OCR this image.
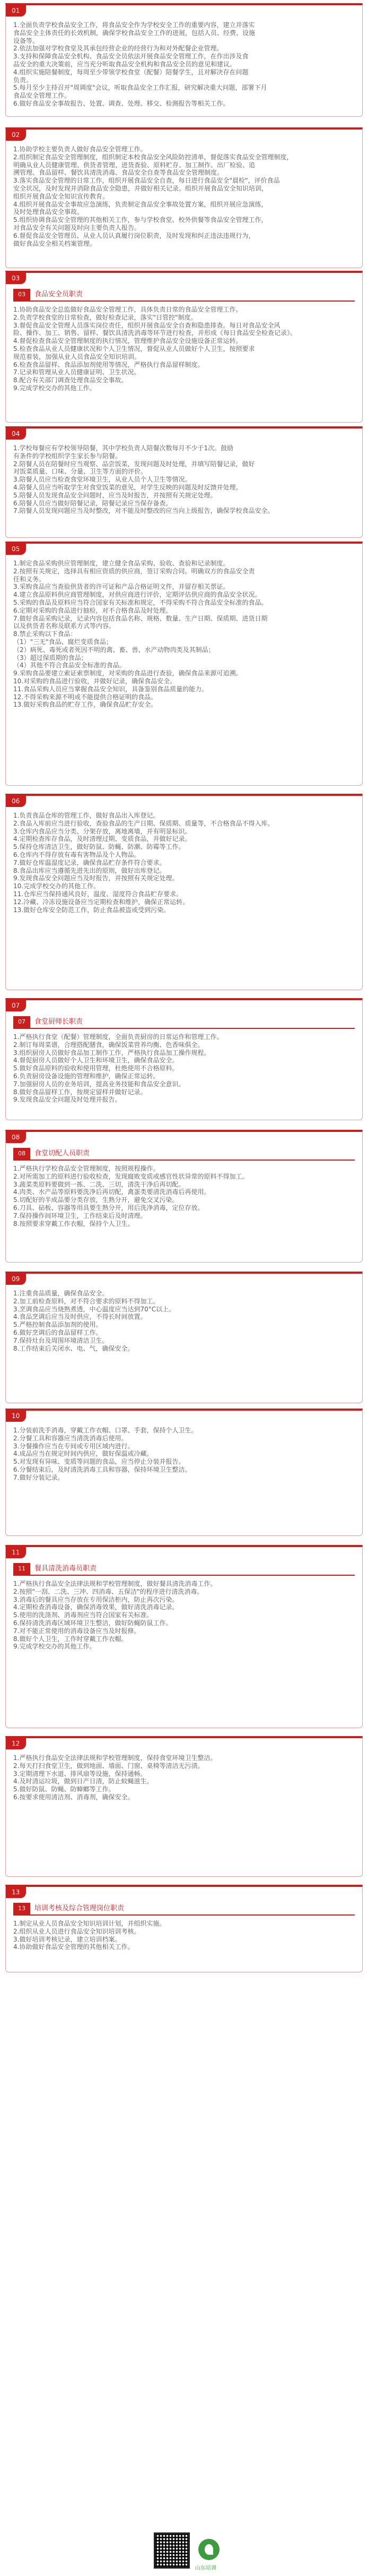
山东培训
01
1.全面负责学校食品安全工作，将食品安全作为学校安全工作的重要内容，建立并落实
食品安全主体责任的长效机制，确保学校食品安全工作的进展，包括人员、经费、设施
设备等。
2.依法加强对学校食堂及其承包经营企业的经营行为和对外配餐企业管理。
3.支持和保障食品安全机构、食品安全员依法开展食品安全管理工作，在作出涉及食
品安全的重大决策前，应当充分听取食品安全机构和食品安全员的意见和建议。
4.组织实施陪餐制度，每周至少带领学校食堂（配餐）陪餐学生，且对解决存在问题
负责。
5.每月至少主持召开"周调度"会议，听取食品安全工作汇报，研究解决重大问题，部署下月
食品安全管理工作。
6.做好食品安全事故报告、处置、调查、处理、移交、检测报告等相关工作。
02
1.协助学校主要负责人做好食品安全管理工作。
2.组织制定食品安全管理制度，组织制定本校食品安全风险防控清单，督促落实食品安全管理制度，
明确从业人员健康管理、供货者管理、进货查验、原料贮存、加工制作、出厂检验、追
溯管理、食品留样、餐饮具清洗消毒、食品安全自查等食品安全管理制度。
3.落实食品安全管理的日常工作，组织开展食品安全自查，每日进行食品安全"晨检"，评价食品
安全状况，及时发现并消除食品安全隐患，并做好相关记录。组织开展食品安全知识培训，
组织开展食品安全知识宣传教育。
4.组织开展食品安全事故应急演练，负责制定食品安全事故处置方案，组织开展应急演练，
及时处理食品安全事故。
5.组织协调食品安全管理的其他相关工作，参与学校食堂、校外供餐等食品安全管理工作，
对食品安全有关问题及时向主要负责人报告。
6.督促食品安全管理员、从业人员认真履行岗位职责，及时发现和纠正违法违规行为，
做好食品安全相关档案管理。
03
03	食品安全员职责
1.协助食品安全总监做好食品安全管理工作，具体负责日常的食品安全管理工作。
2.负责学校食堂的日常检查，做好检查记录，落实"日管控"制度。
3.督促食品安全管理人员落实岗位责任，组织开展食品安全自查和隐患排查。每日对食品安全风
险、操作、加工、销售、留样、餐饮具清洗消毒等环节进行检查，并形成《每日食品安全检查记录》。
4.督促检查食品安全管理制度的执行情况，管理维护食品安全设施设备正常运转。
5.检查食品从业人员健康状况和个人卫生情况，督促从业人员做好个人卫生，按照要求
规范着装，加强从业人员食品安全知识培训。
6.检查食品留样、食品添加剂使用等情况，严格执行食品留样制度。
7.记录和管理从业人员健康证明、卫生状况。
8.配合有关部门调查处理食品安全事故。
9.完成学校交办的其他工作。
04
1.学校每餐应有学校领导陪餐，其中学校负责人陪餐次数每月不少于1次。鼓励
有条件的学校组织学生家长参与陪餐。
2.陪餐人员在陪餐时应当观察、品尝饭菜，发现问题及时处理，并填写陪餐记录，做好
对饭菜质量、口味、分量、卫生等方面的评价。
3.陪餐人员应当检查食堂环境卫生，从业人员个人卫生等情况。
4.陪餐人员应当听取学生对食堂饭菜的意见，对学生反映的问题及时反馈并处理。
5.陪餐人员发现食品安全问题时，应当及时报告，并按照有关规定处理。
6.陪餐人员应当做好陪餐记录，陪餐记录应当保存备查。
7.陪餐人员发现问题应当及时整改，对不能及时整改的应当向上级报告，确保学校食品安全。
05
1.制定食品采购供应管理制度，建立健全食品采购、验收、查验和记录制度。
2.按照有关规定，选择具有相应资质的供应商，签订采购合同。明确双方的食品安全责
任和义务。
3.采购食品应当查验供货者的许可证和产品合格证明文件，并留存相关票证。
4.建立食品原料供应商管理制度，对供应商进行评价，定期评估供应商的食品安全状况。
5.采购的食品及原料应当符合国家有关标准和规定，不得采购不符合食品安全标准的食品。
6.定期对采购的食品进行抽检，对不合格食品及时处理。
7.做好食品采购记录，记录内容包括食品名称、规格、数量、生产日期、保质期、进货日期
以及供货者名称及联系方式等内容。
8.禁止采购以下食品：
（1）"三无"食品、腐烂变质食品；
（2）病死、毒死或者死因不明的禽、畜、兽、水产动物肉类及其制品；
（3）超过保质期的食品；
（4）其他不符合食品安全标准的食品。
9.采购食品要建立索证索票制度，对采购的食品进行查验，确保食品来源可追溯。
10.对采购的食品进行验收，并做好记录，确保食品安全。
11.食品采购人员应当掌握食品安全知识，具备鉴别食品质量的能力。
12.不得采购来源不明或不能提供合格证明的食品。
13.做好采购食品的贮存工作，确保食品贮存安全。
06
1.负责食品仓库的管理工作，做好食品出入库登记。
2.食品入库前应当进行验收，查验食品的生产日期、保质期、质量等，不合格食品不得入库。
3.仓库内食品应当分类、分架存放，离地离墙，并有明显标识。
4.定期检查库存食品，及时清理过期、变质食品，并做好记录。
5.保持仓库清洁卫生，做好防鼠、防蝇、防潮、防霉等工作。
6.仓库内不得存放有毒有害物品及个人物品。
7.做好仓库温湿度记录，确保食品贮存条件符合要求。
8.食品出库应当遵循先进先出的原则，做好出库登记。
9.发现食品安全问题应当及时报告，并按照有关规定处理。
10.完成学校交办的其他工作。
11.仓库应当保持通风良好，温度、湿度符合食品贮存要求。
12.冷藏、冷冻设施设备应当定期检查和维护，确保正常运转。
13.做好仓库安全防范工作，防止食品被盗或受到污染。
07
07	食堂厨师长职责
1.严格执行食堂（配餐）管理制度，全面负责厨房的日常运作和管理工作。
2.制订每周菜谱，合理搭配膳食，确保饭菜营养均衡、色香味俱全。
3.组织厨房人员做好食品加工制作工作，严格执行食品加工操作规程。
4.督促厨房人员做好个人卫生和环境卫生，确保食品安全。
5.做好食品原料的验收和使用管理，杜绝使用不合格原料。
6.负责厨房设备设施的管理和维护，确保正常运转。
7.加强厨房人员的业务培训，提高业务技能和食品安全意识。
8.做好食品留样工作，按规定留样并做好记录。
9.发现食品安全问题及时处理并报告。
08
08	食堂切配人员职责
1.严格执行学校食品安全管理制度，按照规程操作。
2.对所需加工的原料进行验收检查，发现腐败变质或感官性状异常的原料不得加工。
3.蔬菜类原料要做到一拣、二洗、三切，清洗干净后再切配。
4.肉类、水产品等原料要洗净后再切配，禽蛋类要清洗消毒后再使用。
5.切配好的半成品要分类存放，生熟分开，避免交叉污染。
6.刀具、砧板、容器等用具要生熟分开，用后洗净消毒，定位存放。
7.保持操作间环境卫生，工作结束后及时清理。
8.按照要求穿戴工作衣帽，保持个人卫生。
09
1.注重食品质量，确保食品安全。
2.加工前检查原料，对不符合要求的原料不得加工。
3.烹调食品应当烧熟煮透，中心温度应当达到70°C以上。
4.食品烹调后应当及时供应，不得长时间放置。
5.严格控制食品添加剂的使用。
6.做好烹调后的食品留样工作。
7.保持灶台及周围环境清洁卫生。
8.工作结束后关闭水、电、气，确保安全。
10
1.分装前洗手消毒，穿戴工作衣帽、口罩、手套，保持个人卫生。
2.分餐工具和容器应当清洗消毒后使用。
3.分餐操作应当在专间或专用区域内进行。
4.成品应当在规定时间内供应，做好保温或冷藏。
5.对发现有异味、变质等问题的食品，应当停止分装并报告。
6.分餐结束后，及时清洗消毒工具和容器，保持环境卫生整洁。
7.做好分装记录。
11
11	餐具清洗消毒员职责
1.严格执行食品安全法律法规和学校管理制度，做好餐具清洗消毒工作。
2.按照"一刮、二洗、三冲、四消毒、五保洁"的程序进行清洗消毒。
3.消毒后的餐具应当存放在专用保洁柜内，防止再次污染。
4.定期检查消毒设备，确保消毒效果，做好清洗消毒记录。
5.使用的洗涤剂、消毒剂应当符合国家有关标准。
6.保持清洗消毒区域环境卫生整洁，做好防蝇防鼠工作。
7.对不能正常使用的消毒设备应当及时报修。
8.做好个人卫生，工作时穿戴工作衣帽。
9.完成学校交办的其他工作。
12
1.严格执行食品安全法律法规和学校管理制度，保持食堂环境卫生整洁。
2.每天打扫食堂卫生，做到地面、墙面、门窗、桌椅等清洁无污渍。
3.定期清理下水道、排风扇等设施，保持通畅。
4.及时清运垃圾，做到日产日清，防止蚊蝇滋生。
5.做好防鼠、防蝇、防蟑螂等工作。
6.按要求使用清洁剂、消毒剂，确保安全。
13
13	培训考核及综合管理岗位职责
1.制定从业人员食品安全知识培训计划，并组织实施。
2.组织从业人员进行食品安全知识培训考核。
3.做好培训考核记录，建立培训档案。
4.协助做好食品安全管理的其他相关工作。
